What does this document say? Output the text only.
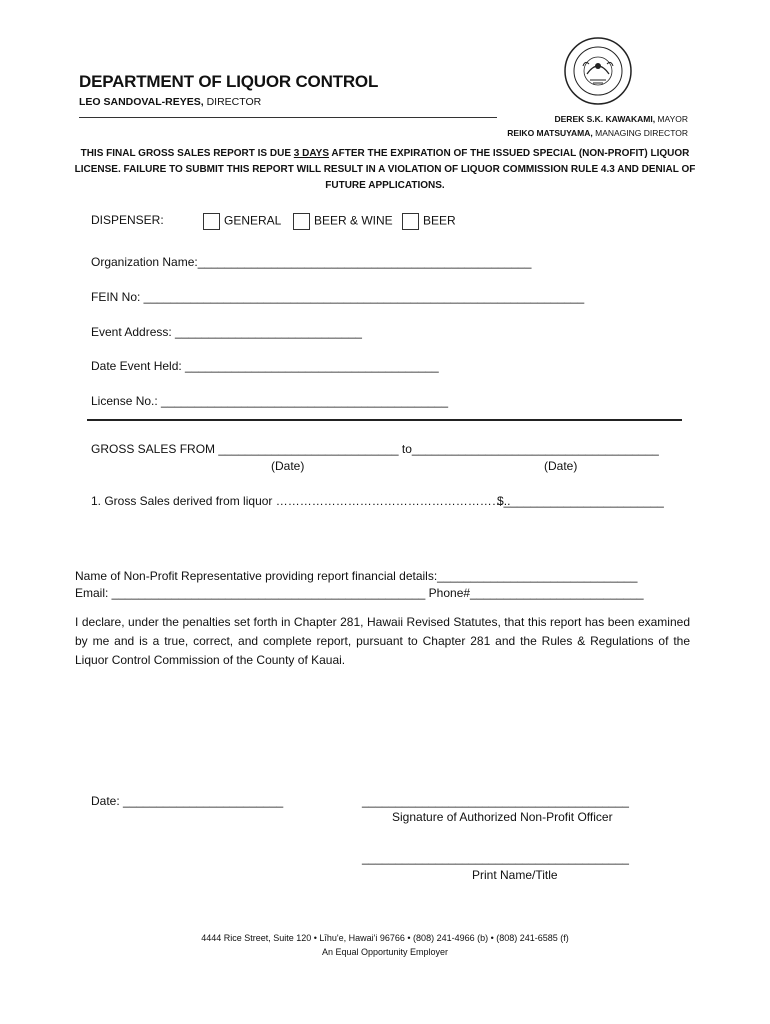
DEPARTMENT OF LIQUOR CONTROL
LEO SANDOVAL-REYES, DIRECTOR
DEREK S.K. KAWAKAMI, MAYOR
REIKO MATSUYAMA, MANAGING DIRECTOR
THIS FINAL GROSS SALES REPORT IS DUE 3 DAYS AFTER THE EXPIRATION OF THE ISSUED SPECIAL (NON-PROFIT) LIQUOR LICENSE. FAILURE TO SUBMIT THIS REPORT WILL RESULT IN A VIOLATION OF LIQUOR COMMISSION RULE 4.3 AND DENIAL OF FUTURE APPLICATIONS.
DISPENSER:	GENERAL	BEER & WINE	BEER
Organization Name:__________________________________________________
FEIN No: __________________________________________________________________
Event Address: ____________________________
Date Event Held: ______________________________________
License No.: ___________________________________________
GROSS SALES FROM ___________________________ to_____________________________________
(Date)	(Date)
1. Gross Sales derived from liquor …………………………………………………..
$________________________
Name of Non-Profit Representative providing report financial details:______________________________
Email: _______________________________________________ Phone#__________________________
I declare, under the penalties set forth in Chapter 281, Hawaii Revised Statutes, that this report has been examined by me and is a true, correct, and complete report, pursuant to Chapter 281 and the Rules & Regulations of the Liquor Control Commission of the County of Kauai.
Date: ________________________	________________________________________
Signature of Authorized Non-Profit Officer
________________________________________
Print Name/Title
4444 Rice Street, Suite 120 • Līhu'e, Hawai'i 96766 • (808) 241-4966 (b) • (808) 241-6585 (f)
An Equal Opportunity Employer
